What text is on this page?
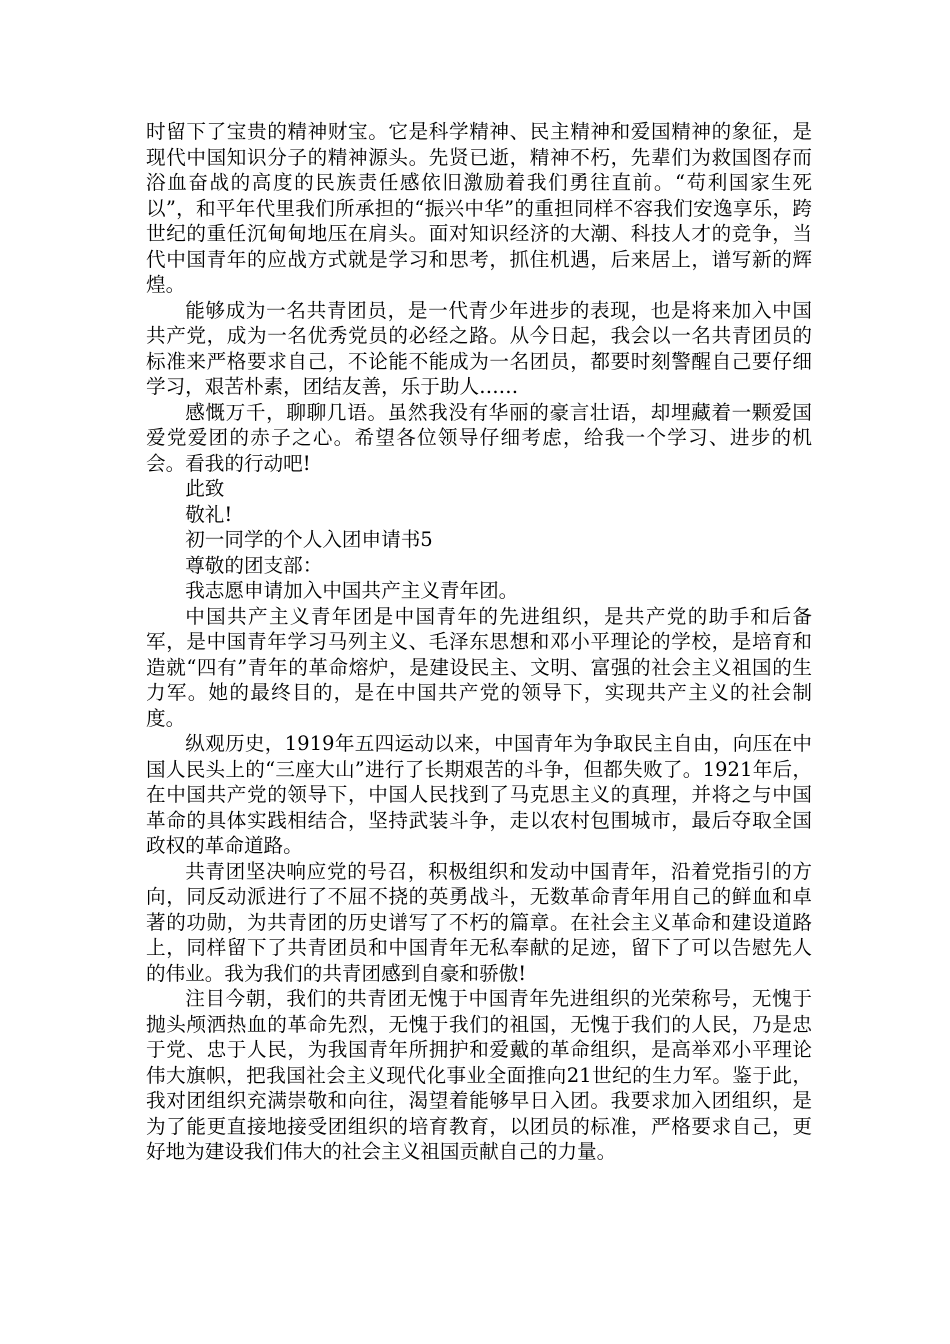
时留下了宝贵的精神财宝。它是科学精神、民主精神和爱国精神的象征，是现代中国知识分子的精神源头。先贤已逝，精神不朽，先辈们为救国图存而浴血奋战的高度的民族责任感依旧激励着我们勇往直前。“苟利国家生死以”，和平年代里我们所承担的“振兴中华”的重担同样不容我们安逸享乐，跨世纪的重任沉甸甸地压在肩头。面对知识经济的大潮、科技人才的竞争，当代中国青年的应战方式就是学习和思考，抓住机遇，后来居上，谱写新的辉煌。

能够成为一名共青团员，是一代青少年进步的表现，也是将来加入中国共产党，成为一名优秀党员的必经之路。从今日起，我会以一名共青团员的标准来严格要求自己，不论能不能成为一名团员，都要时刻警醒自己要仔细学习，艰苦朴素，团结友善，乐于助人……

感慨万千，聊聊几语。虽然我没有华丽的豪言壮语，却埋藏着一颗爱国爱党爱团的赤子之心。希望各位领导仔细考虑，给我一个学习、进步的机会。看我的行动吧!

此致

敬礼!

初一同学的个人入团申请书5

尊敬的团支部：

我志愿申请加入中国共产主义青年团。

中国共产主义青年团是中国青年的先进组织，是共产党的助手和后备军，是中国青年学习马列主义、毛泽东思想和邓小平理论的学校，是培育和造就“四有”青年的革命熔炉，是建设民主、文明、富强的社会主义祖国的生力军。她的最终目的，是在中国共产党的领导下，实现共产主义的社会制度。

纵观历史，1919年五四运动以来，中国青年为争取民主自由，向压在中国人民头上的“三座大山”进行了长期艰苦的斗争，但都失败了。1921年后，在中国共产党的领导下，中国人民找到了马克思主义的真理，并将之与中国革命的具体实践相结合，坚持武装斗争，走以农村包围城市，最后夺取全国政权的革命道路。

共青团坚决响应党的号召，积极组织和发动中国青年，沿着党指引的方向，同反动派进行了不屈不挠的英勇战斗，无数革命青年用自己的鲜血和卓著的功勋，为共青团的历史谱写了不朽的篇章。在社会主义革命和建设道路上，同样留下了共青团员和中国青年无私奉献的足迹，留下了可以告慰先人的伟业。我为我们的共青团感到自豪和骄傲!

注目今朝，我们的共青团无愧于中国青年先进组织的光荣称号，无愧于抛头颅洒热血的革命先烈，无愧于我们的祖国，无愧于我们的人民，乃是忠于党、忠于人民，为我国青年所拥护和爱戴的革命组织，是高举邓小平理论伟大旗帜，把我国社会主义现代化事业全面推向21世纪的生力军。鉴于此，我对团组织充满崇敬和向往，渴望着能够早日入团。我要求加入团组织，是为了能更直接地接受团组织的培育教育，以团员的标准，严格要求自己，更好地为建设我们伟大的社会主义祖国贡献自己的力量。
